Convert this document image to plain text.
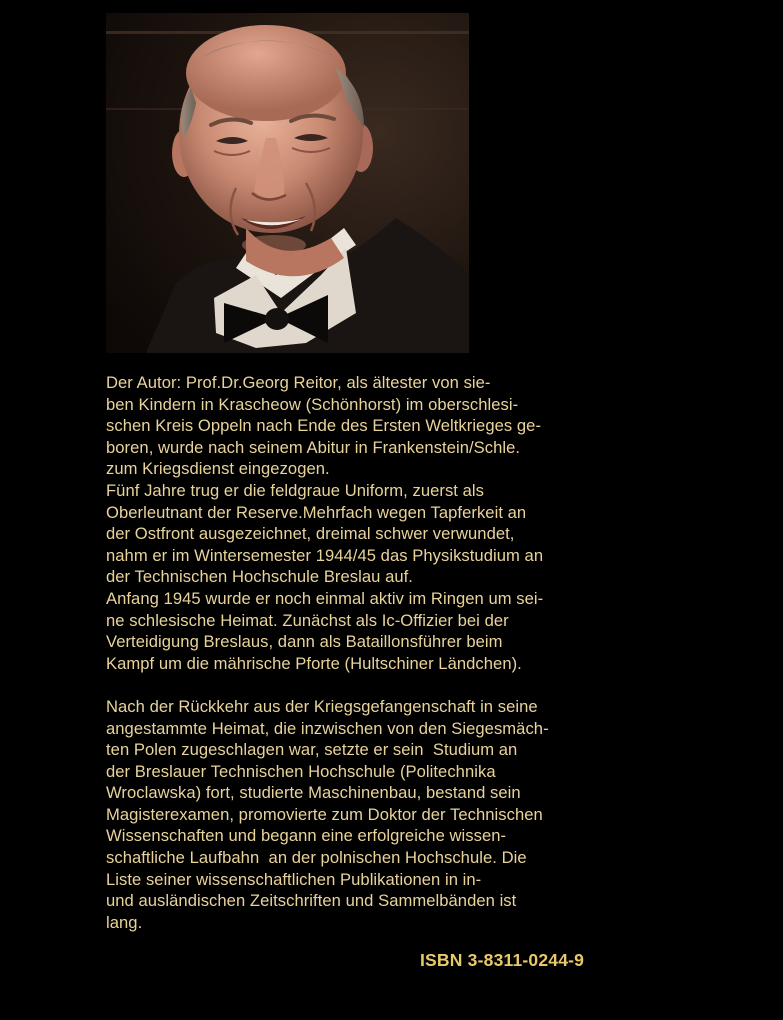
Der Autor: Prof.Dr.Georg Reitor, als ältester von sie-
ben Kindern in Krascheow (Schönhorst) im oberschlesi-
schen Kreis Oppeln nach Ende des Ersten Weltkrieges ge-
boren, wurde nach seinem Abitur in Frankenstein/Schle.
zum Kriegsdienst eingezogen.
Fünf Jahre trug er die feldgraue Uniform, zuerst als
Oberleutnant der Reserve.Mehrfach wegen Tapferkeit an
der Ostfront ausgezeichnet, dreimal schwer verwundet,
nahm er im Wintersemester 1944/45 das Physikstudium an
der Technischen Hochschule Breslau auf.
Anfang 1945 wurde er noch einmal aktiv im Ringen um sei-
ne schlesische Heimat. Zunächst als Ic-Offizier bei der
Verteidigung Breslaus, dann als Bataillonsführer beim
Kampf um die mährische Pforte (Hultschiner Ländchen).
Nach der Rückkehr aus der Kriegsgefangenschaft in seine
angestammte Heimat, die inzwischen von den Siegesmäch-
ten Polen zugeschlagen war, setzte er sein  Studium an
der Breslauer Technischen Hochschule (Politechnika
Wroclawska) fort, studierte Maschinenbau, bestand sein
Magisterexamen, promovierte zum Doktor der Technischen
Wissenschaften und begann eine erfolgreiche wissen-
schaftliche Laufbahn  an der polnischen Hochschule. Die
Liste seiner wissenschaftlichen Publikationen in in-
und ausländischen Zeitschriften und Sammelbänden ist
lang.
ISBN 3-8311-0244-9
